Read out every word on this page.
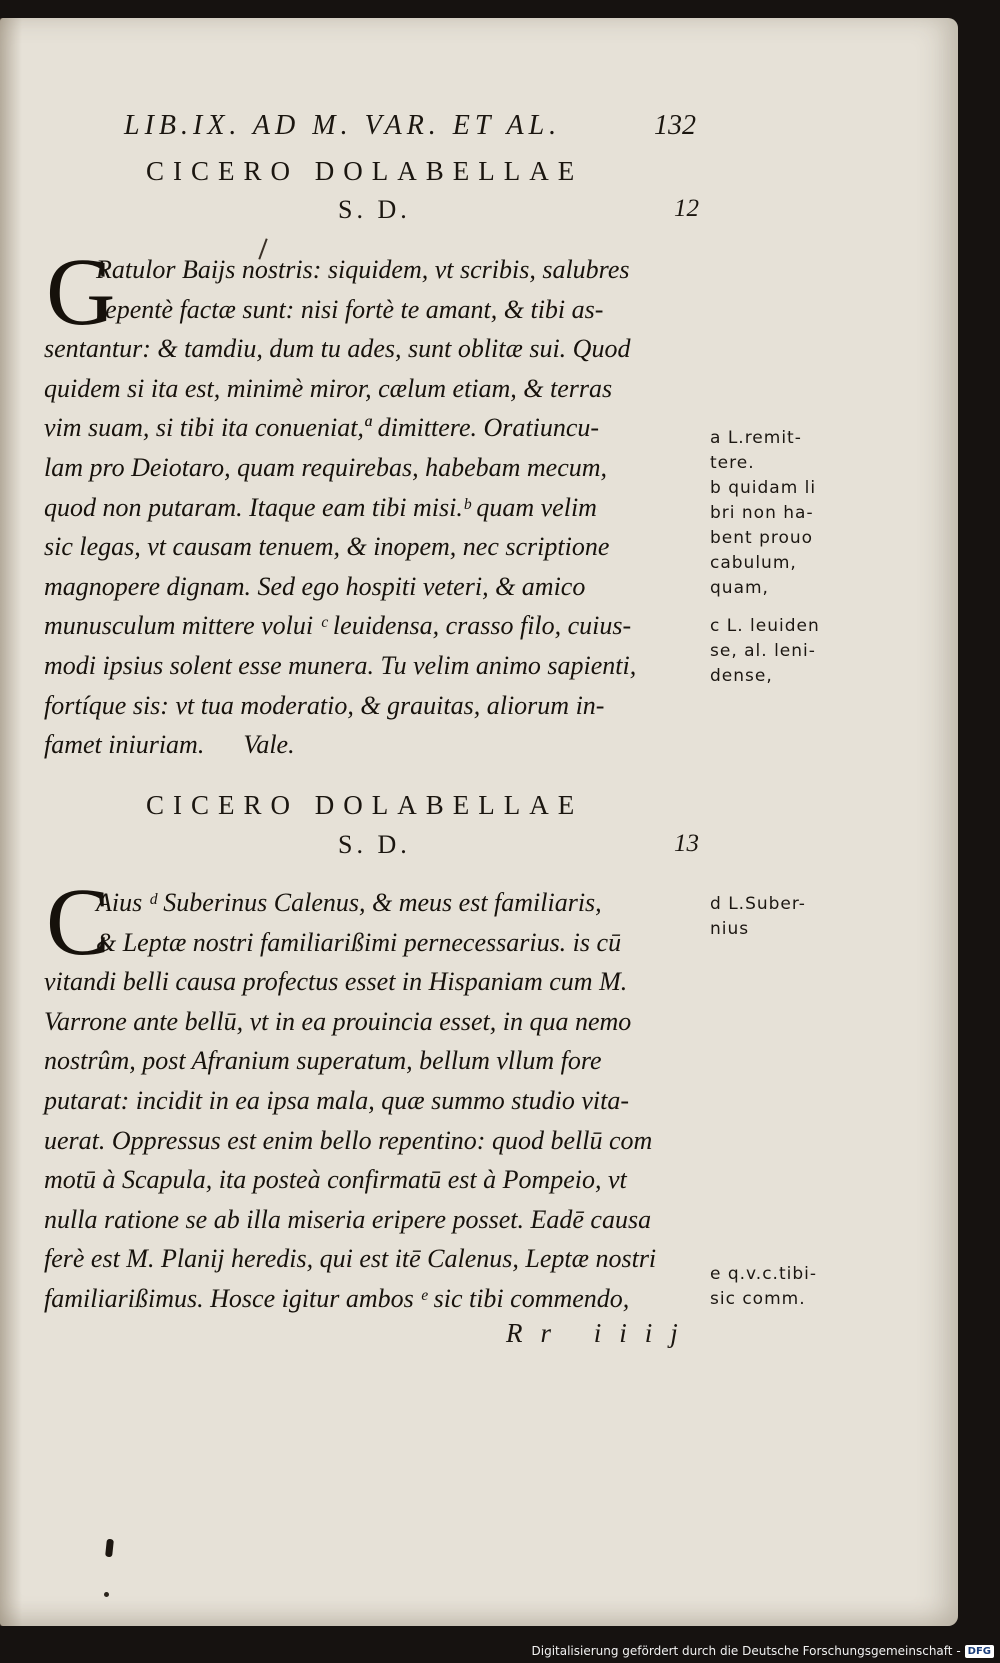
LIB.IX. AD M. VAR. ET AL.	132
CICERO DOLABELLAE
S. D.	12
G
Ratulor Baijs nostris: siquidem, vt scribis, salubres
repentè factæ sunt: nisi fortè te amant, & tibi as-
sentantur: & tamdiu, dum tu ades, sunt oblitæ sui. Quod
quidem si ita est, minimè miror, cælum etiam, & terras
vim suam, si tibi ita conueniat,ª dimittere. Oratiuncu-
lam pro Deiotaro, quam requirebas, habebam mecum,
quod non putaram. Itaque eam tibi misi.ᵇ quam velim
sic legas, vt causam tenuem, & inopem, nec scriptione
magnopere dignam. Sed ego hospiti veteri, & amico
munusculum mittere volui ᶜ leuidensa, crasso filo, cuius-
modi ipsius solent esse munera. Tu velim animo sapienti,
fortíque sis: vt tua moderatio, & grauitas, aliorum in-
famet iniuriam.      Vale.
CICERO DOLABELLAE
S. D.	13
C
Aius ᵈ Suberinus Calenus, & meus est familiaris,
& Leptæ nostri familiarißimi pernecessarius. is cū
vitandi belli causa profectus esset in Hispaniam cum M.
Varrone ante bellū, vt in ea prouincia esset, in qua nemo
nostrûm, post Afranium superatum, bellum vllum fore
putarat: incidit in ea ipsa mala, quæ summo studio vita-
uerat. Oppressus est enim bello repentino: quod bellū com
motū à Scapula, ita posteà confirmatū est à Pompeio, vt
nulla ratione se ab illa miseria eripere posset. Eadē causa
ferè est M. Planij heredis, qui est itē Calenus, Leptæ nostri
familiarißimus. Hosce igitur ambos ᵉ sic tibi commendo,
a L.remit-
tere.
b quidam li
bri non ha-
bent prouo
cabulum,
quam,
c L. leuiden
se, al. leni-
dense,
d L.Suber-
nius
e q.v.c.tibi-
sic comm.
Rr iiij
Digitalisierung gefördert durch die Deutsche Forschungsgemeinschaft - DFG
